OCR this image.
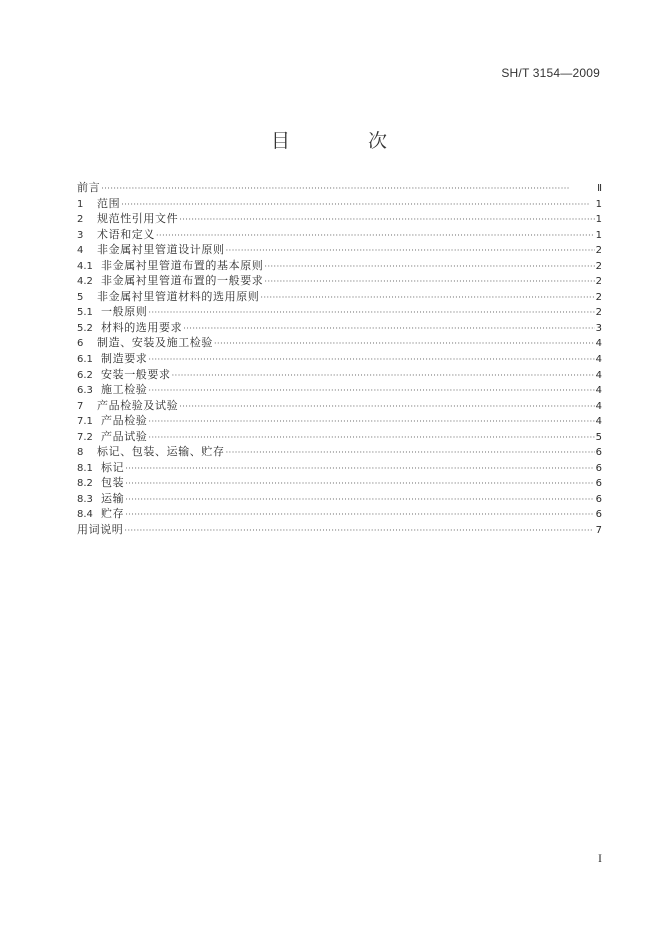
SH/T 3154—2009
目 次
前言 ·····	Ⅱ
1	范围 ·····	1
2	规范性引用文件 ·····	1
3	术语和定义 ·····	1
4	非金属衬里管道设计原则 ·····	2
4.1 非金属衬里管道布置的基本原则 ·····	2
4.2 非金属衬里管道布置的一般要求 ·····	2
5	非金属衬里管道材料的选用原则 ·····	2
5.1 一般原则 ·····	2
5.2 材料的选用要求 ·····	3
6	制造、安装及施工检验 ·····	4
6.1 制造要求 ·····	4
6.2 安装一般要求 ·····	4
6.3 施工检验 ·····	4
7	产品检验及试验 ·····	4
7.1 产品检验 ·····	4
7.2 产品试验 ·····	5
8	标记、包装、运输、贮存 ·····	6
8.1 标记 ·····	6
8.2 包装 ·····	6
8.3 运输 ·····	6
8.4 贮存 ·····	6
用词说明 ·····	7
I
